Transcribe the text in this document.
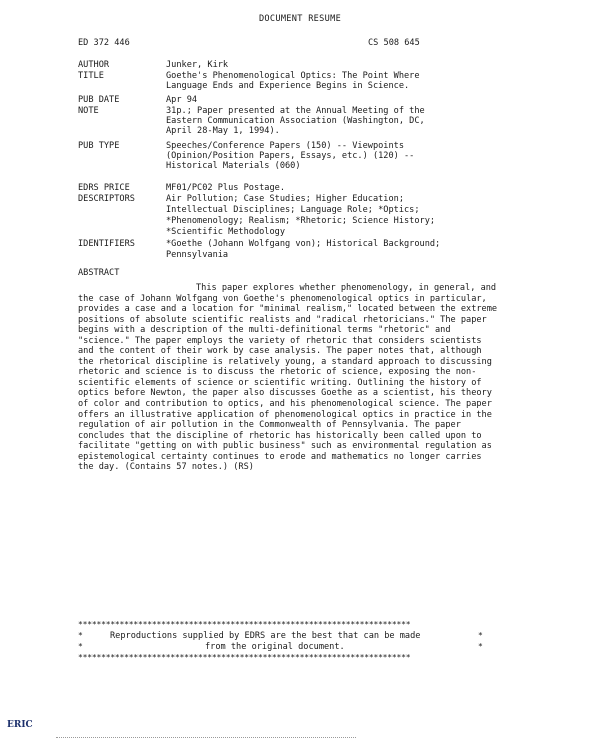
DOCUMENT RESUME
ED 372 446	CS 508 645
AUTHOR	Junker, Kirk
TITLE	Goethe's Phenomenological Optics: The Point Where
Language Ends and Experience Begins in Science.
PUB DATE	Apr 94
NOTE	31p.; Paper presented at the Annual Meeting of the
Eastern Communication Association (Washington, DC,
April 28-May 1, 1994).
PUB TYPE	Speeches/Conference Papers (150) -- Viewpoints
(Opinion/Position Papers, Essays, etc.) (120) --
Historical Materials (060)
EDRS PRICE	MF01/PC02 Plus Postage.
DESCRIPTORS	Air Pollution; Case Studies; Higher Education;
Intellectual Disciplines; Language Role; *Optics;
*Phenomenology; Realism; *Rhetoric; Science History;
*Scientific Methodology
IDENTIFIERS	*Goethe (Johann Wolfgang von); Historical Background;
Pennsylvania
ABSTRACT
This paper explores whether phenomenology, in general, and the case of Johann Wolfgang von Goethe's phenomenological optics in particular, provides a case and a location for "minimal realism," located between the extreme positions of absolute scientific realists and "radical rhetoricians." The paper begins with a description of the multi-definitional terms "rhetoric" and "science." The paper employs the variety of rhetoric that considers scientists and the content of their work by case analysis. The paper notes that, although the rhetorical discipline is relatively young, a standard approach to discussing rhetoric and science is to discuss the rhetoric of science, exposing the non-scientific elements of science or scientific writing. Outlining the history of optics before Newton, the paper also discusses Goethe as a scientist, his theory of color and contribution to optics, and his phenomenological science. The paper offers an illustrative application of phenomenological optics in practice in the regulation of air pollution in the Commonwealth of Pennsylvania. The paper concludes that the discipline of rhetoric has historically been called upon to facilitate "getting on with public business" such as environmental regulation as epistemological certainty continues to erode and mathematics no longer carries the day. (Contains 57 notes.) (RS)
************************************************************************
*	*
*	*
************************************************************************
Reproductions supplied by EDRS are the best that can be made
from the original document.
ERIC
